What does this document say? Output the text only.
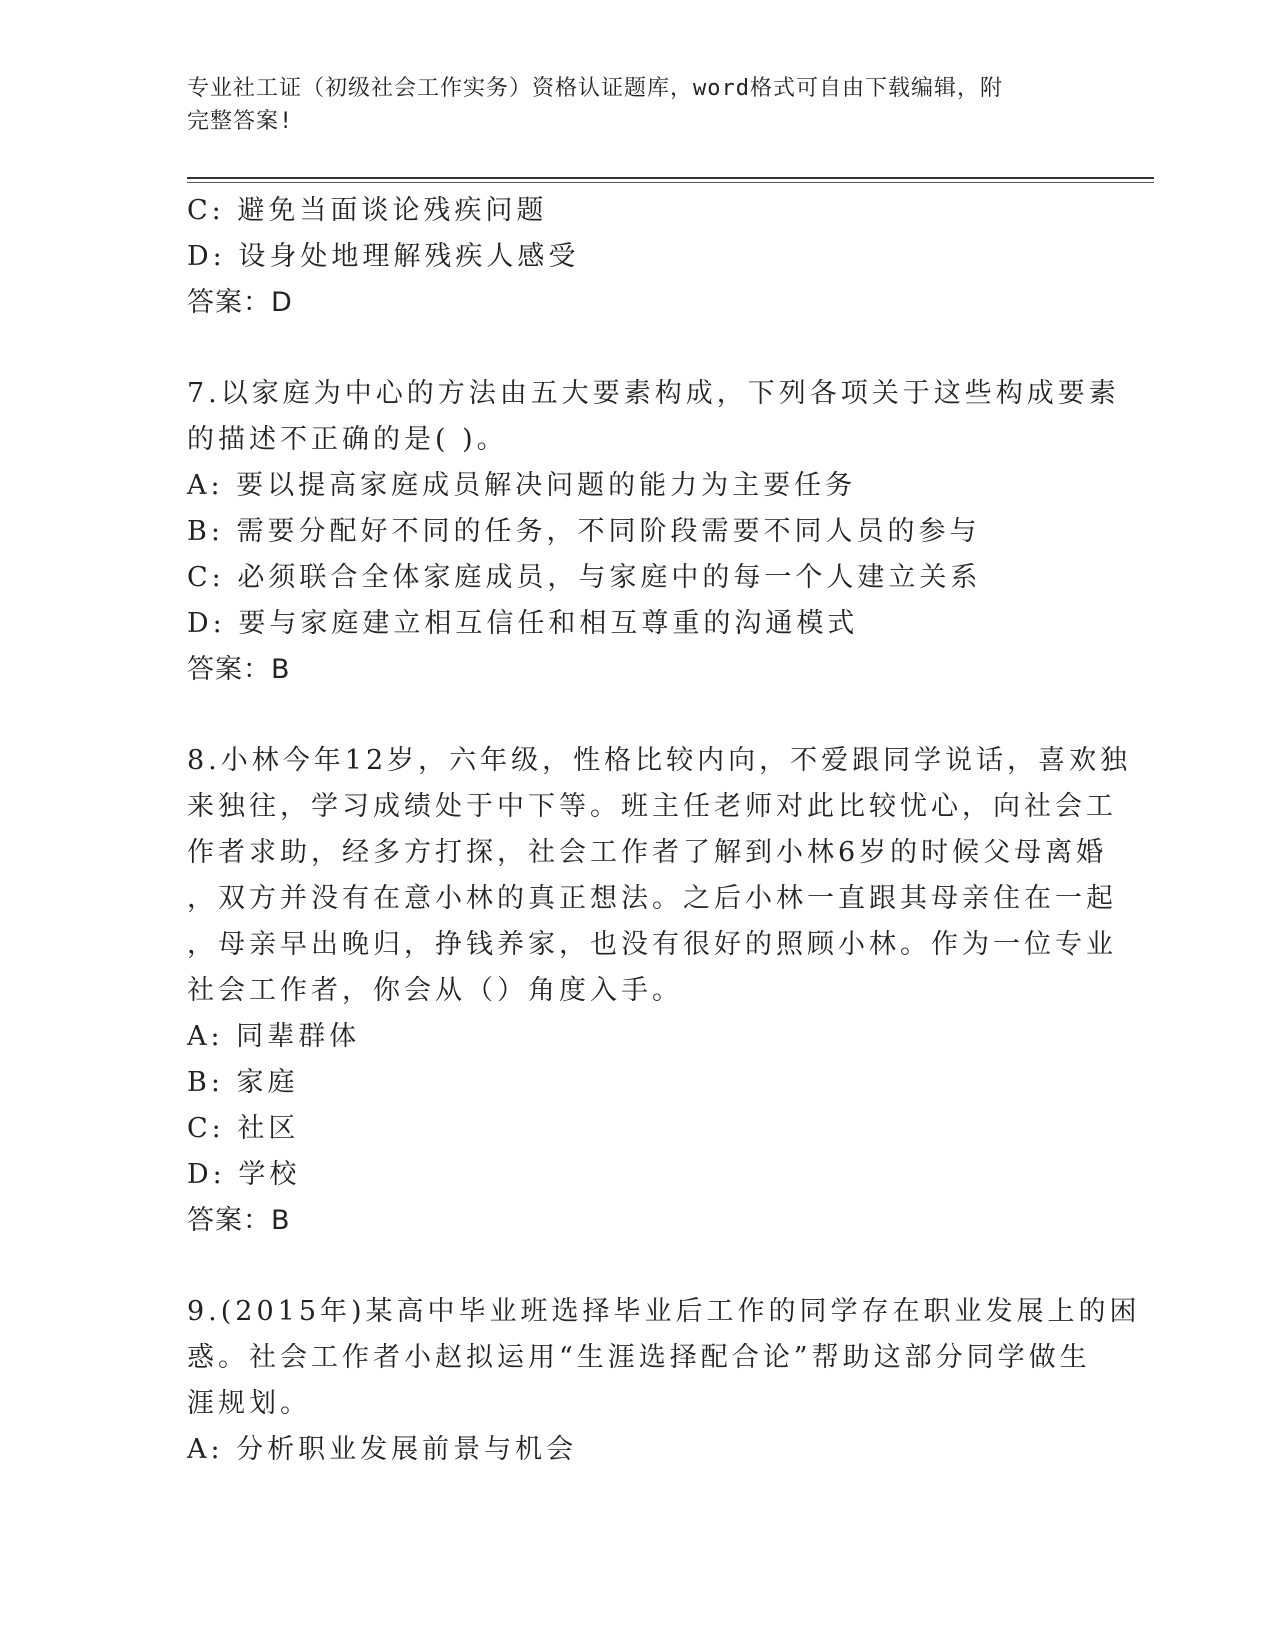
专业社工证（初级社会工作实务）资格认证题库，word格式可自由下载编辑，附
完整答案!
C: 避免当面谈论残疾问题
D: 设身处地理解残疾人感受
答案：D
7.以家庭为中心的方法由五大要素构成，下列各项关于这些构成要素
的描述不正确的是( )。
A: 要以提高家庭成员解决问题的能力为主要任务
B: 需要分配好不同的任务，不同阶段需要不同人员的参与
C: 必须联合全体家庭成员，与家庭中的每一个人建立关系
D: 要与家庭建立相互信任和相互尊重的沟通模式
答案：B
8.小林今年12岁，六年级，性格比较内向，不爱跟同学说话，喜欢独
来独往，学习成绩处于中下等。班主任老师对此比较忧心，向社会工
作者求助，经多方打探，社会工作者了解到小林6岁的时候父母离婚
，双方并没有在意小林的真正想法。之后小林一直跟其母亲住在一起
，母亲早出晚归，挣钱养家，也没有很好的照顾小林。作为一位专业
社会工作者，你会从（）角度入手。
A: 同辈群体
B: 家庭
C: 社区
D: 学校
答案：B
9.(2015年)某高中毕业班选择毕业后工作的同学存在职业发展上的困
惑。社会工作者小赵拟运用“生涯选择配合论”帮助这部分同学做生
涯规划。
A: 分析职业发展前景与机会
